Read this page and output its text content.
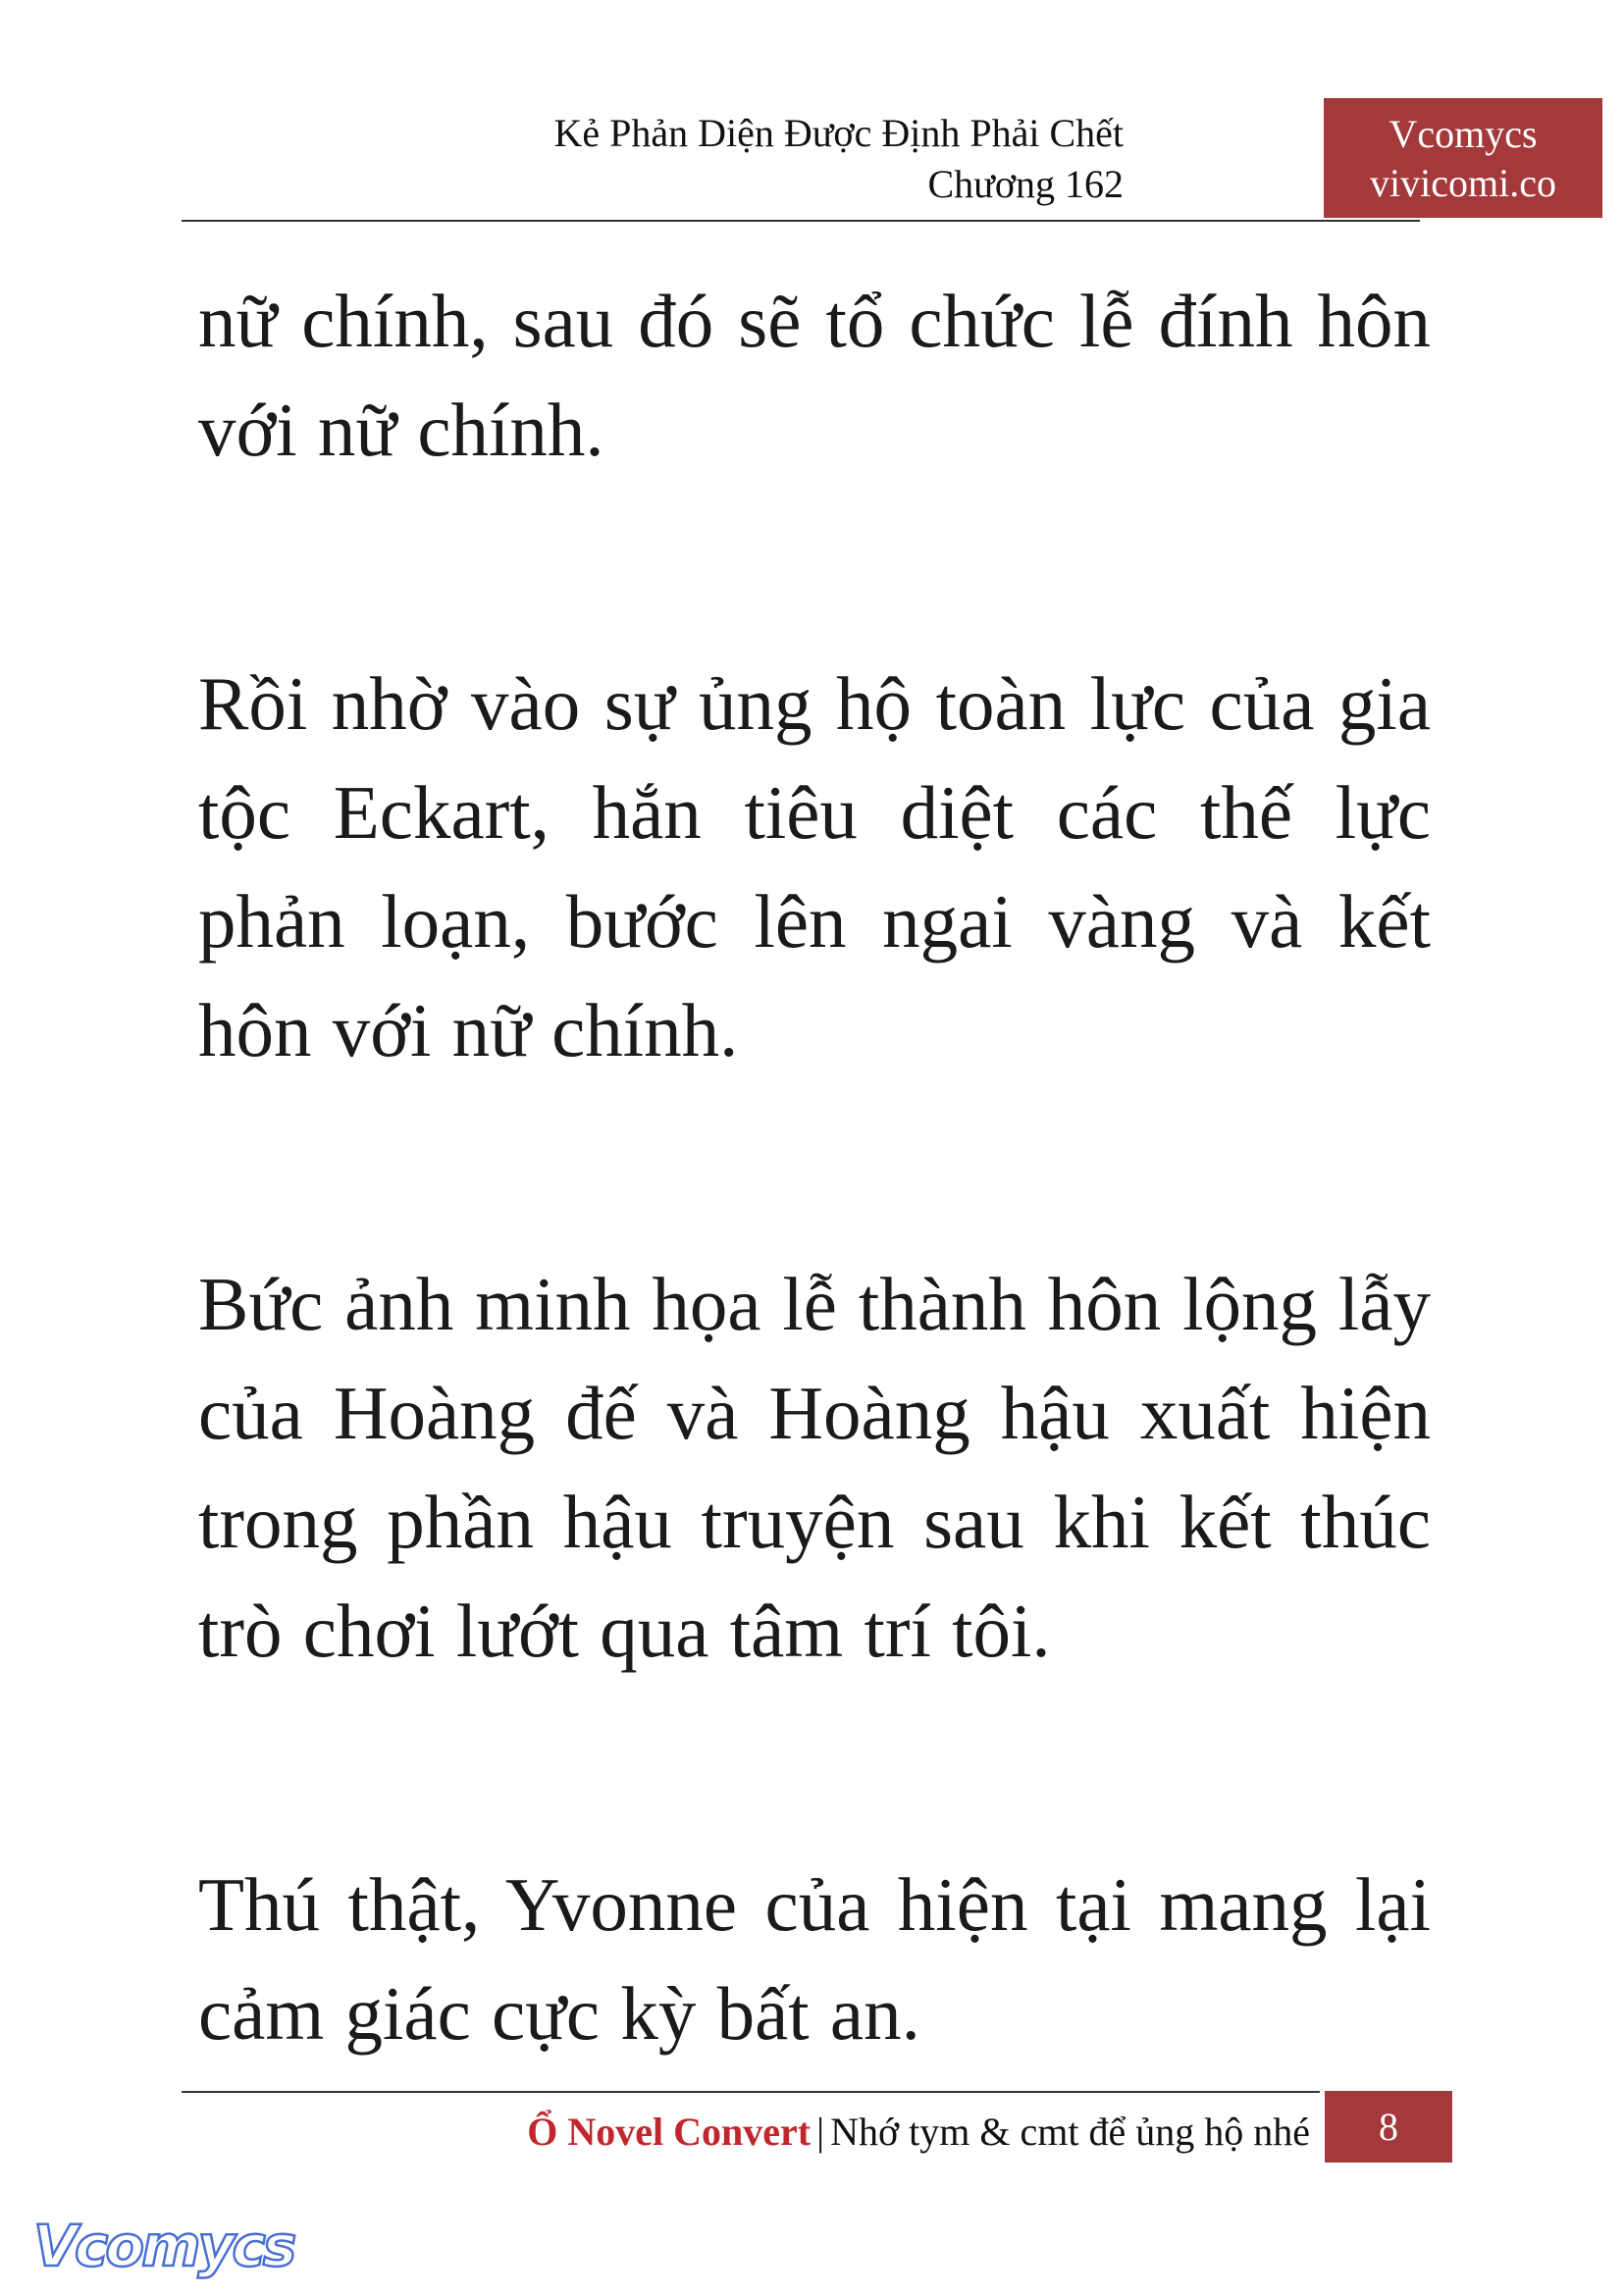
Kẻ Phản Diện Được Định Phải Chết
Chương 162
Vcomycs
vivicomi.co

nữ chính, sau đó sẽ tổ chức lễ đính hôn với nữ chính.

Rồi nhờ vào sự ủng hộ toàn lực của gia tộc Eckart, hắn tiêu diệt các thế lực phản loạn, bước lên ngai vàng và kết hôn với nữ chính.

Bức ảnh minh họa lễ thành hôn lộng lẫy của Hoàng đế và Hoàng hậu xuất hiện trong phần hậu truyện sau khi kết thúc trò chơi lướt qua tâm trí tôi.

Thú thật, Yvonne của hiện tại mang lại cảm giác cực kỳ bất an.

Ổ Novel Convert | Nhớ tym & cmt để ủng hộ nhé	8
Vcomycs
